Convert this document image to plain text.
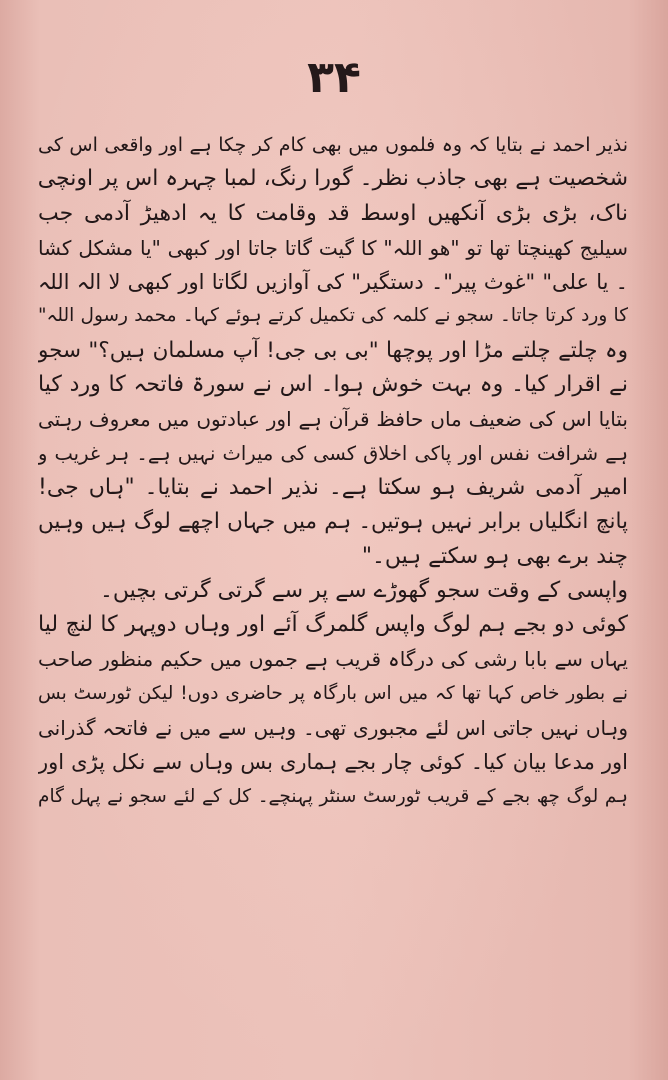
۳۴
نذیر احمد نے بتایا کہ وہ فلموں میں بھی کام کر چکا ہے اور واقعی اس کی
شخصیت ہے بھی جاذب نظر۔ گورا رنگ، لمبا چہرہ اس پر اونچی
ناک، بڑی بڑی آنکھیں اوسط قد وقامت کا یہ ادھیڑ آدمی جب
سیلیج کھینچتا تھا تو "ھو اللہ" کا گیت گاتا جاتا اور کبھی "یا مشکل کشا
۔ یا علی" "غوث پیر"۔ دستگیر" کی آوازیں لگاتا اور کبھی لا الہ اللہ
کا ورد کرتا جاتا۔ سجو نے کلمہ کی تکمیل کرتے ہوئے کہا۔ محمد رسول اللہ"
وہ چلتے چلتے مڑا اور پوچھا "بی بی جی! آپ مسلمان ہیں؟" سجو
نے اقرار کیا۔ وہ بہت خوش ہوا۔ اس نے سورۃ فاتحہ کا ورد کیا
بتایا اس کی ضعیف ماں حافظ قرآن ہے اور عبادتوں میں معروف رہتی
ہے شرافت نفس اور پاکی اخلاق کسی کی میراث نہیں ہے۔ ہر غریب و
امیر آدمی شریف ہو سکتا ہے۔ نذیر احمد نے بتایا۔ "ہاں جی!
پانچ انگلیاں برابر نہیں ہوتیں۔ ہم میں جہاں اچھے لوگ ہیں وہیں
چند برے بھی ہو سکتے ہیں۔"
واپسی کے وقت سجو گھوڑے سے پر سے گرتی گرتی بچیں۔
کوئی دو بجے ہم لوگ واپس گلمرگ آئے اور وہاں دوپہر کا لنچ لیا
یہاں سے بابا رشی کی درگاہ قریب ہے جموں میں حکیم منظور صاحب
نے بطور خاص کہا تھا کہ میں اس بارگاہ پر حاضری دوں! لیکن ٹورسٹ بس
وہاں نہیں جاتی اس لئے مجبوری تھی۔ وہیں سے میں نے فاتحہ گذرانی
اور مدعا بیان کیا۔ کوئی چار بجے ہماری بس وہاں سے نکل پڑی اور
ہم لوگ چھ بجے کے قریب ٹورسٹ سنٹر پہنچے۔ کل کے لئے سجو نے پہل گام
